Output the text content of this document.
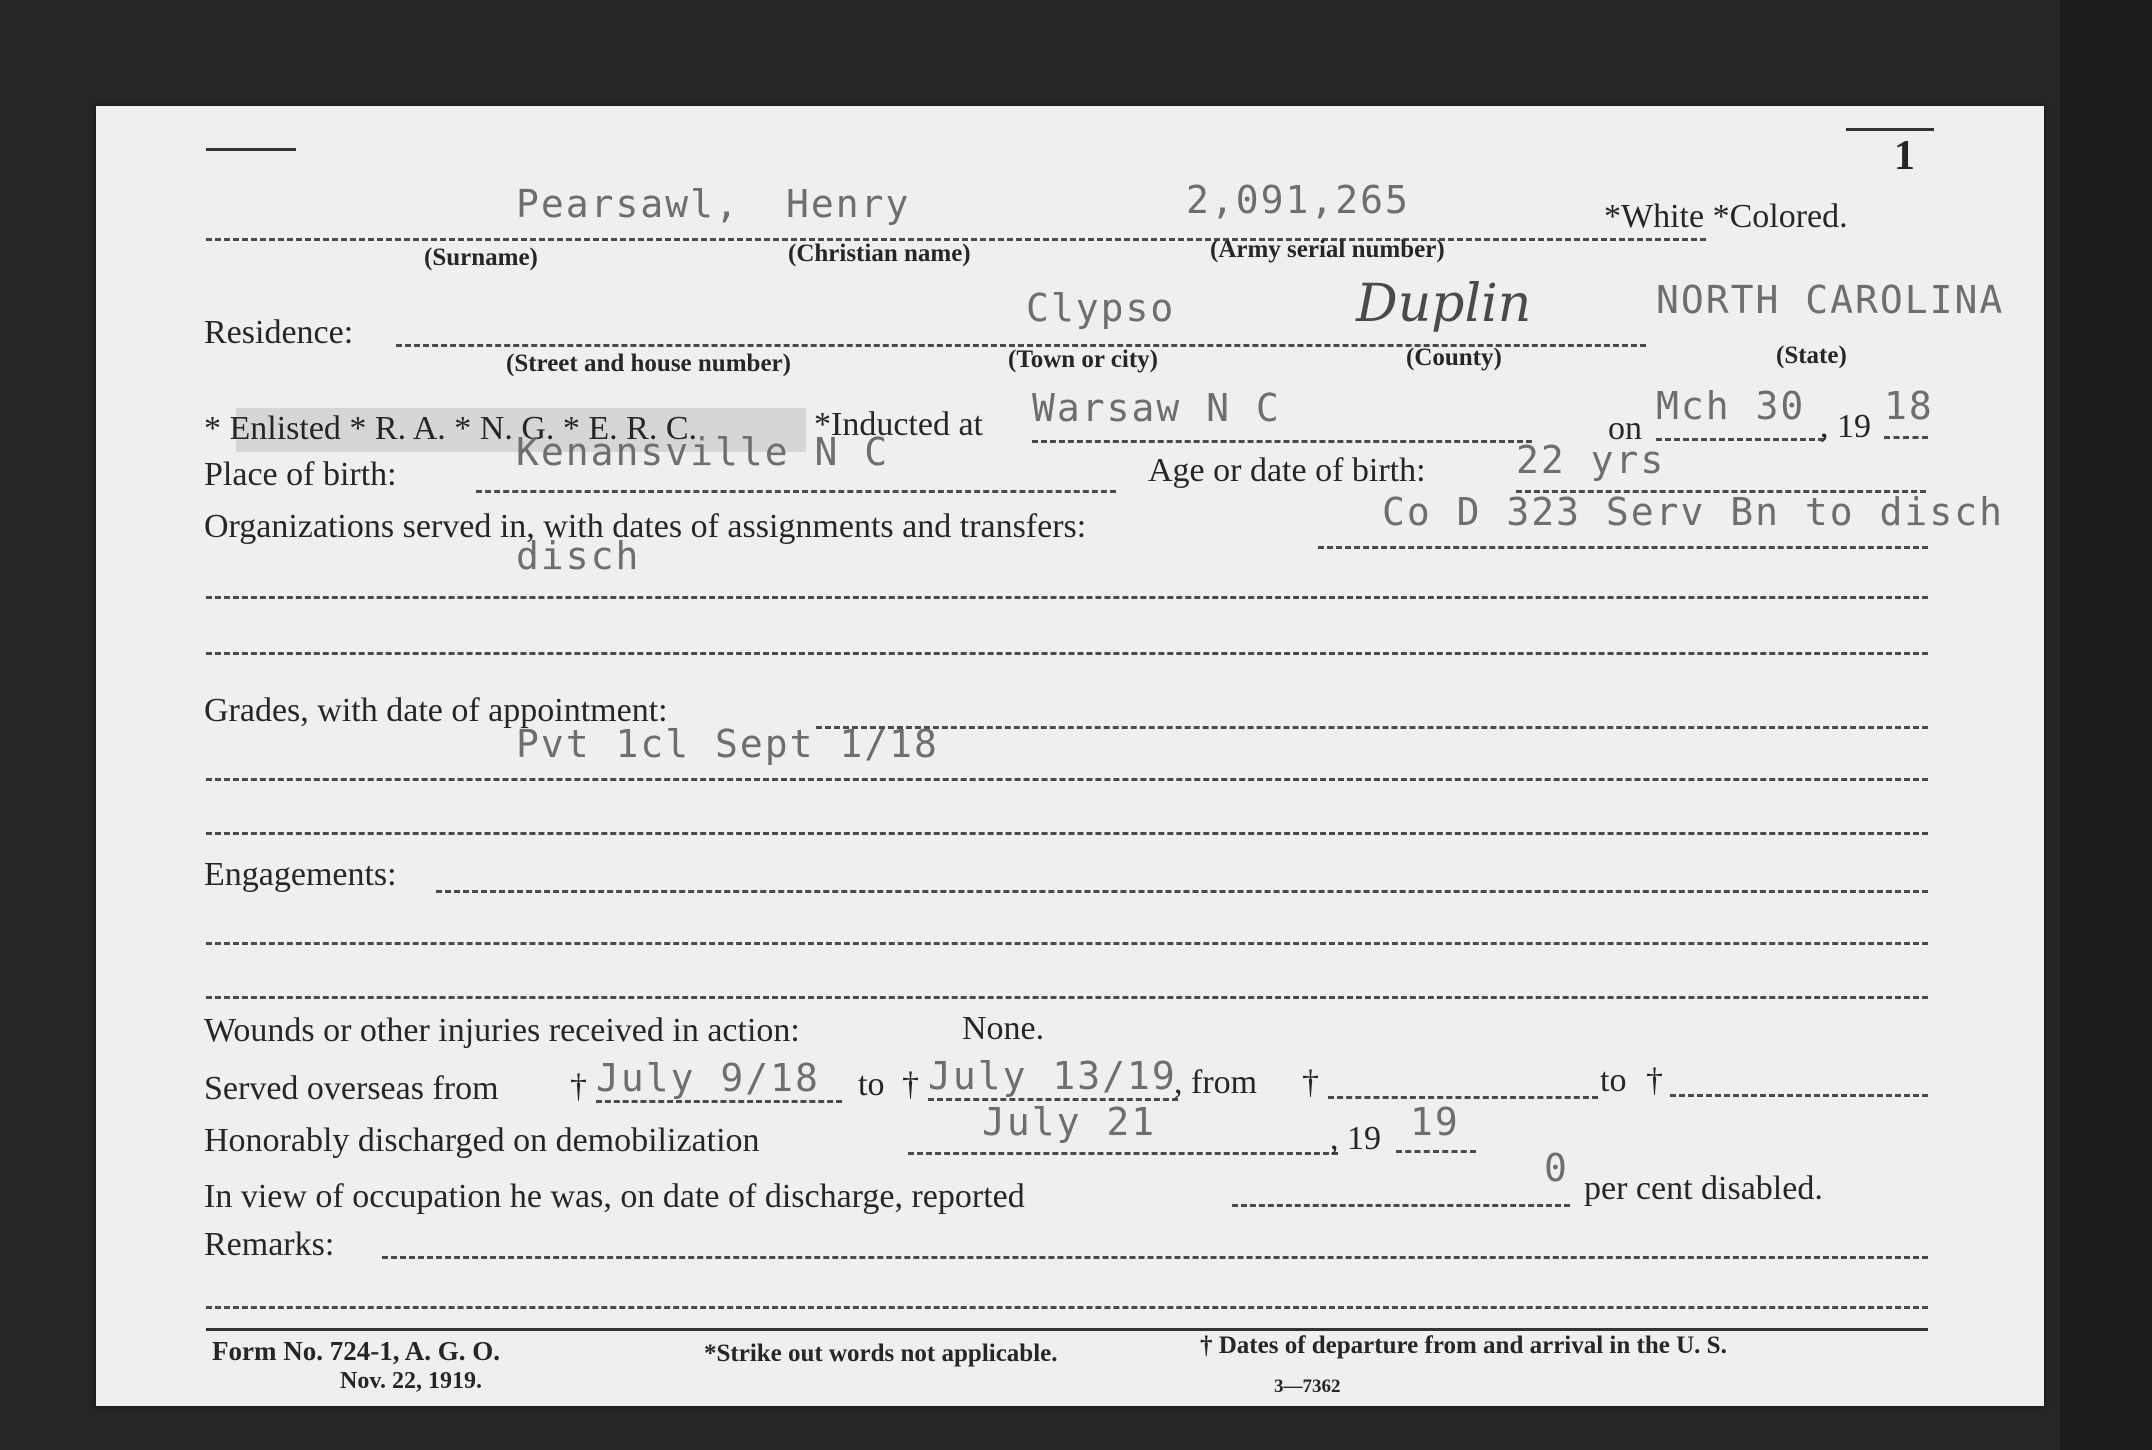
1
Pearsawl, Henry	2,091,265	*White *Colored.
(Surname)	(Christian name)	(Army serial number)
Residence:
Clypso	Duplin	NORTH CAROLINA
(Street and house number)	(Town or city)	(County)	(State)
* Enlisted * R. A. * N. G. * E. R. C.	*Inducted at Warsaw N C	on
Mch 30 , 19 18
Place of birth:
Kenansville N C	Age or date of birth: 22 yrs
Organizations served in, with dates of assignments and transfers:	Co D 323 Serv Bn to disch
disch
Grades, with date of appointment:
Pvt 1cl Sept 1/18
Engagements:
Wounds or other injuries received in action:	None.
Served overseas from † July 9/18 to † July 13/19
, from †	to †
Honorably discharged on demobilization	July 21	, 19 19
In view of occupation he was, on date of discharge, reported
0 per cent disabled.
Remarks:
Form No. 724-1, A. G. O.
Nov. 22, 1919.
*Strike out words not applicable.	† Dates of departure from and arrival in the U. S.
3—7362
